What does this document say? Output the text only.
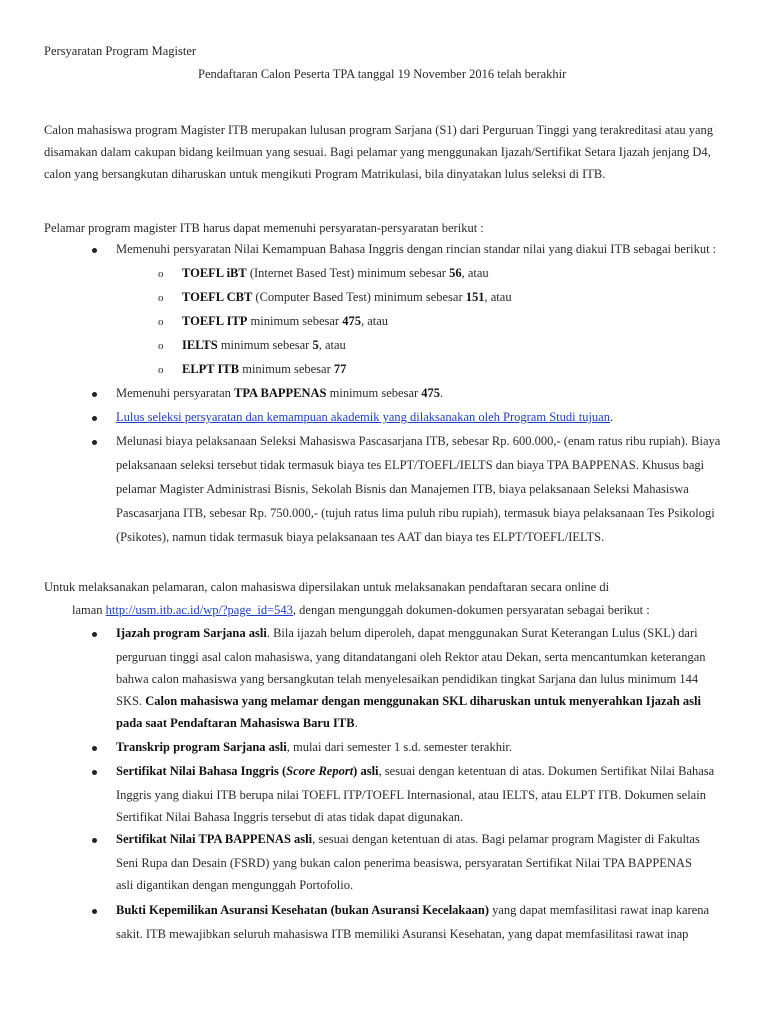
Persyaratan Program Magister

Pendaftaran Calon Peserta TPA tanggal 19 November 2016 telah berakhir

Calon mahasiswa program Magister ITB merupakan lulusan program Sarjana (S1) dari Perguruan Tinggi yang terakreditasi atau yang

disamakan dalam cakupan bidang keilmuan yang sesuai. Bagi pelamar yang menggunakan Ijazah/Sertifikat Setara Ijazah jenjang D4,

calon yang bersangkutan diharuskan untuk mengikuti Program Matrikulasi, bila dinyatakan lulus seleksi di ITB.

Pelamar program magister ITB harus dapat memenuhi persyaratan-persyaratan berikut :

Memenuhi persyaratan Nilai Kemampuan Bahasa Inggris dengan rincian standar nilai yang diakui ITB sebagai berikut :

o TOEFL iBT (Internet Based Test) minimum sebesar 56, atau

o TOEFL CBT (Computer Based Test) minimum sebesar 151, atau

o TOEFL ITP minimum sebesar 475, atau

o IELTS minimum sebesar 5, atau

o ELPT ITB minimum sebesar 77

Memenuhi persyaratan TPA BAPPENAS minimum sebesar 475.

Lulus seleksi persyaratan dan kemampuan akademik yang dilaksanakan oleh Program Studi tujuan.

Melunasi biaya pelaksanaan Seleksi Mahasiswa Pascasarjana ITB, sebesar Rp. 600.000,- (enam ratus ribu rupiah). Biaya

pelaksanaan seleksi tersebut tidak termasuk biaya tes ELPT/TOEFL/IELTS dan biaya TPA BAPPENAS. Khusus bagi

pelamar Magister Administrasi Bisnis, Sekolah Bisnis dan Manajemen ITB, biaya pelaksanaan Seleksi Mahasiswa

Pascasarjana ITB, sebesar Rp. 750.000,- (tujuh ratus lima puluh ribu rupiah), termasuk biaya pelaksanaan Tes Psikologi

(Psikotes), namun tidak termasuk biaya pelaksanaan tes AAT dan biaya tes ELPT/TOEFL/IELTS.

Untuk melaksanakan pelamaran, calon mahasiswa dipersilakan untuk melaksanakan pendaftaran secara online di

laman http://usm.itb.ac.id/wp/?page_id=543, dengan mengunggah dokumen-dokumen persyaratan sebagai berikut :

Ijazah program Sarjana asli. Bila ijazah belum diperoleh, dapat menggunakan Surat Keterangan Lulus (SKL) dari

perguruan tinggi asal calon mahasiswa, yang ditandatangani oleh Rektor atau Dekan, serta mencantumkan keterangan

bahwa calon mahasiswa yang bersangkutan telah menyelesaikan pendidikan tingkat Sarjana dan lulus minimum 144

SKS. Calon mahasiswa yang melamar dengan menggunakan SKL diharuskan untuk menyerahkan Ijazah asli

pada saat Pendaftaran Mahasiswa Baru ITB.

Transkrip program Sarjana asli, mulai dari semester 1 s.d. semester terakhir.

Sertifikat Nilai Bahasa Inggris (Score Report) asli, sesuai dengan ketentuan di atas. Dokumen Sertifikat Nilai Bahasa

Inggris yang diakui ITB berupa nilai TOEFL ITP/TOEFL Internasional, atau IELTS, atau ELPT ITB. Dokumen selain

Sertifikat Nilai Bahasa Inggris tersebut di atas tidak dapat digunakan.

Sertifikat Nilai TPA BAPPENAS asli, sesuai dengan ketentuan di atas. Bagi pelamar program Magister di Fakultas

Seni Rupa dan Desain (FSRD) yang bukan calon penerima beasiswa, persyaratan Sertifikat Nilai TPA BAPPENAS

asli digantikan dengan mengunggah Portofolio.

Bukti Kepemilikan Asuransi Kesehatan (bukan Asuransi Kecelakaan) yang dapat memfasilitasi rawat inap karena

sakit. ITB mewajibkan seluruh mahasiswa ITB memiliki Asuransi Kesehatan, yang dapat memfasilitasi rawat inap
